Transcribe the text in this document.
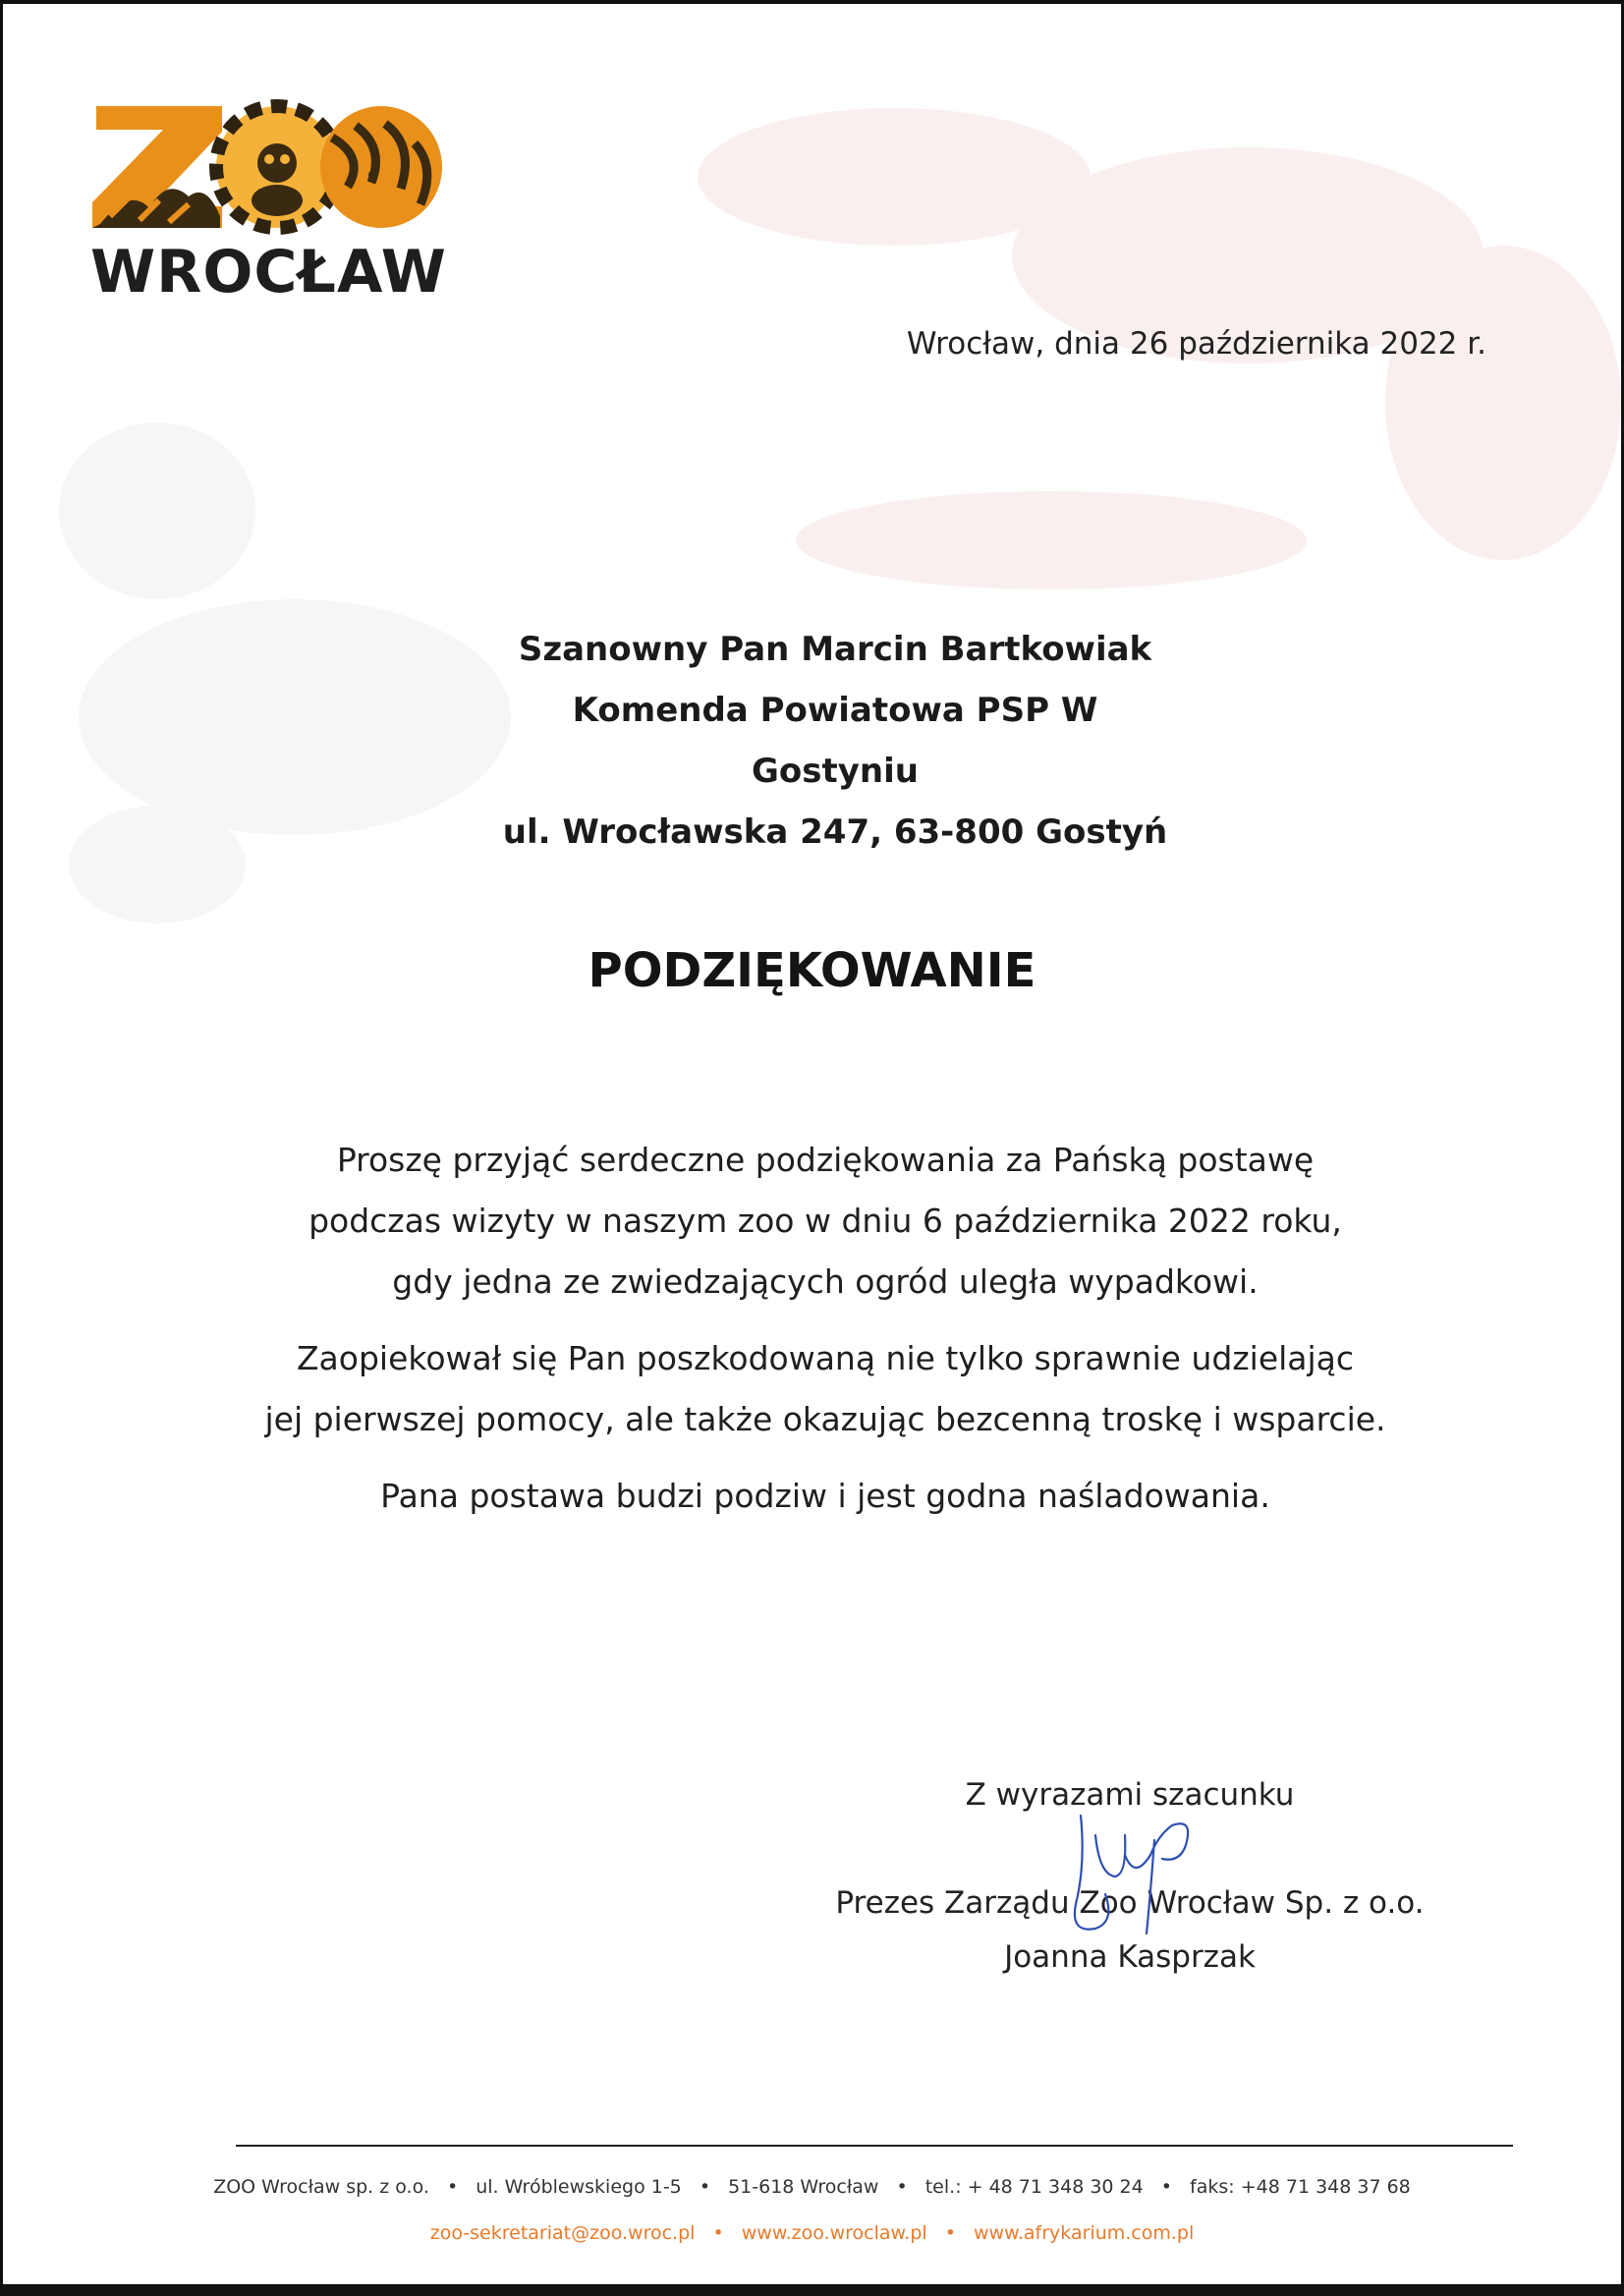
WROCŁAW
Wrocław, dnia 26 października 2022 r.
Szanowny Pan Marcin Bartkowiak
Komenda Powiatowa PSP W Gostyniu
ul. Wrocławska 247, 63-800 Gostyń
PODZIĘKOWANIE

Proszę przyjąć serdeczne podziękowania za Pańską postawę
podczas wizyty w naszym zoo w dniu 6 października 2022 roku,
gdy jedna ze zwiedzających ogród uległa wypadkowi.

Zaopiekował się Pan poszkodowaną nie tylko sprawnie udzielając
jej pierwszej pomocy, ale także okazując bezcenną troskę i wsparcie.

Pana postawa budzi podziw i jest godna naśladowania.

Z wyrazami szacunku
Prezes Zarządu Zoo Wrocław Sp. z o.o.
Joanna Kasprzak
ZOO Wrocław sp. z o.o. • ul. Wróblewskiego 1-5 • 51-618 Wrocław • tel.: + 48 71 348 30 24 • faks: +48 71 348 37 68
zoo-sekretariat@zoo.wroc.pl • www.zoo.wroclaw.pl • www.afrykarium.com.pl
